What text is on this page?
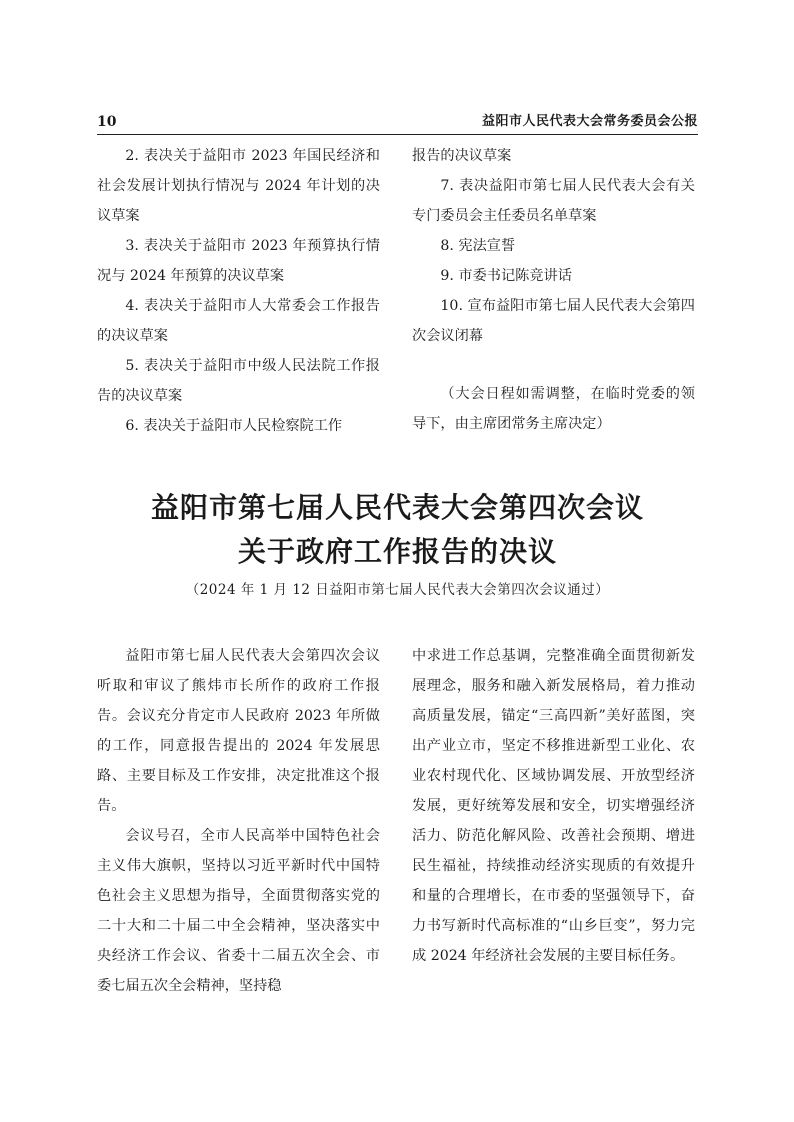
10	益阳市人民代表大会常务委员会公报

2. 表决关于益阳市 2023 年国民经济和社会发展计划执行情况与 2024 年计划的决议草案

3. 表决关于益阳市 2023 年预算执行情况与 2024 年预算的决议草案

4. 表决关于益阳市人大常委会工作报告的决议草案

5. 表决关于益阳市中级人民法院工作报告的决议草案

6. 表决关于益阳市人民检察院工作

报告的决议草案

7. 表决益阳市第七届人民代表大会有关专门委员会主任委员名单草案

8. 宪法宣誓

9. 市委书记陈竞讲话

10. 宣布益阳市第七届人民代表大会第四次会议闭幕

（大会日程如需调整，在临时党委的领导下，由主席团常务主席决定）

益阳市第七届人民代表大会第四次会议
关于政府工作报告的决议
（2024 年 1 月 12 日益阳市第七届人民代表大会第四次会议通过）

益阳市第七届人民代表大会第四次会议听取和审议了熊炜市长所作的政府工作报告。会议充分肯定市人民政府 2023 年所做的工作，同意报告提出的 2024 年发展思路、主要目标及工作安排，决定批准这个报告。

会议号召，全市人民高举中国特色社会主义伟大旗帜，坚持以习近平新时代中国特色社会主义思想为指导，全面贯彻落实党的二十大和二十届二中全会精神，坚决落实中央经济工作会议、省委十二届五次全会、市委七届五次全会精神，坚持稳

中求进工作总基调，完整准确全面贯彻新发展理念，服务和融入新发展格局，着力推动高质量发展，锚定“三高四新”美好蓝图，突出产业立市，坚定不移推进新型工业化、农业农村现代化、区域协调发展、开放型经济发展，更好统筹发展和安全，切实增强经济活力、防范化解风险、改善社会预期、增进民生福祉，持续推动经济实现质的有效提升和量的合理增长，在市委的坚强领导下，奋力书写新时代高标准的“山乡巨变”，努力完成 2024 年经济社会发展的主要目标任务。
